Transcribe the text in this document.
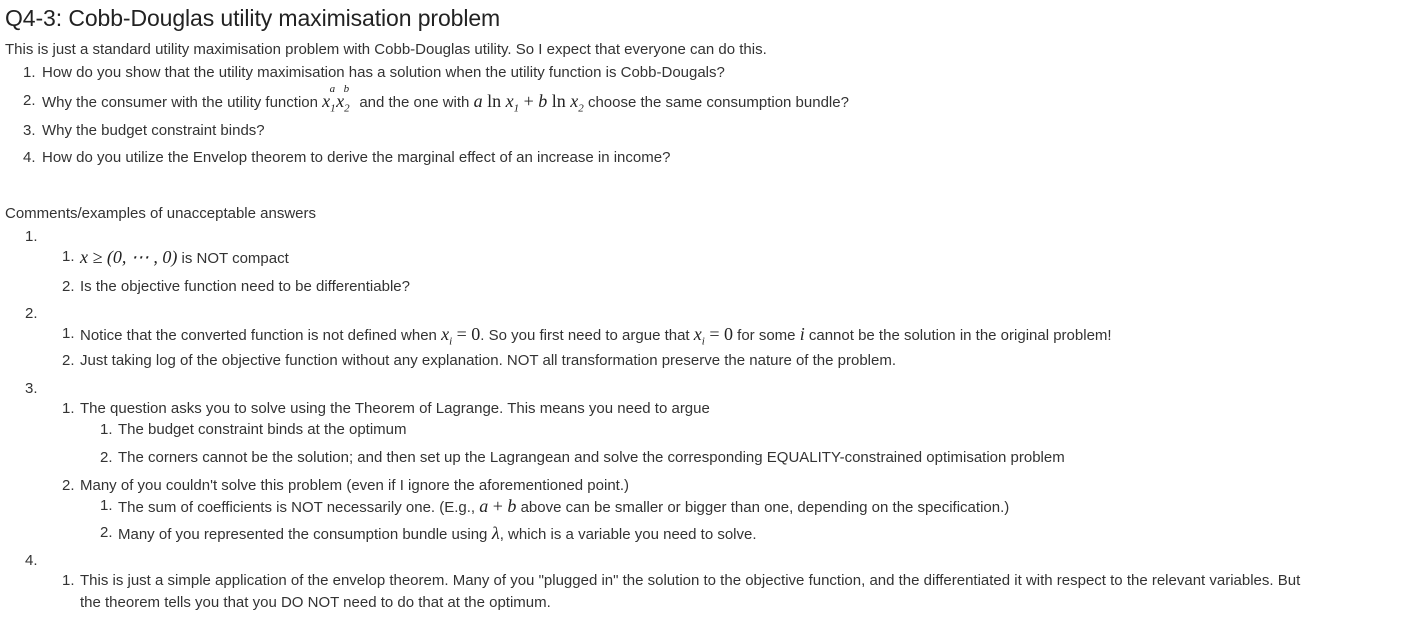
Q4-3: Cobb-Douglas utility maximisation problem
This is just a standard utility maximisation problem with Cobb-Douglas utility. So I expect that everyone can do this.
1. How do you show that the utility maximisation has a solution when the utility function is Cobb-Dougals?
2. Why the consumer with the utility function $x_1^ax_2^b$ and the one with a $\ln x_1 + b$ $\ln x_2$ choose the same consumption bundle?
3. Why the budget constraint binds?
4. How do you utilize the Envelop theorem to derive the marginal effect of an increase in income?
Comments/examples of unacceptable answers
1.
1. x ≥ (0, ⋯ , 0) is NOT compact
2. Is the objective function need to be differentiable?
2.
1. Notice that the converted function is not defined when $x_i = 0$. So you first need to argue that $x_i = 0$ for some i cannot be the solution in the original problem!
2. Just taking log of the objective function without any explanation. NOT all transformation preserve the nature of the problem.
3.
1. The question asks you to solve using the Theorem of Lagrange. This means you need to argue
1. The budget constraint binds at the optimum
2. The corners cannot be the solution; and then set up the Lagrangean and solve the corresponding EQUALITY-constrained optimisation problem
2. Many of you couldn't solve this problem (even if I ignore the aforementioned point.)
1. The sum of coefficients is NOT necessarily one. (E.g., a + b above can be smaller or bigger than one, depending on the specification.)
2. Many of you represented the consumption bundle using λ, which is a variable you need to solve.
4.
1. This is just a simple application of the envelop theorem. Many of you "plugged in" the solution to the objective function, and the differentiated it with respect to the relevant variables. But
the theorem tells you that you DO NOT need to do that at the optimum.
